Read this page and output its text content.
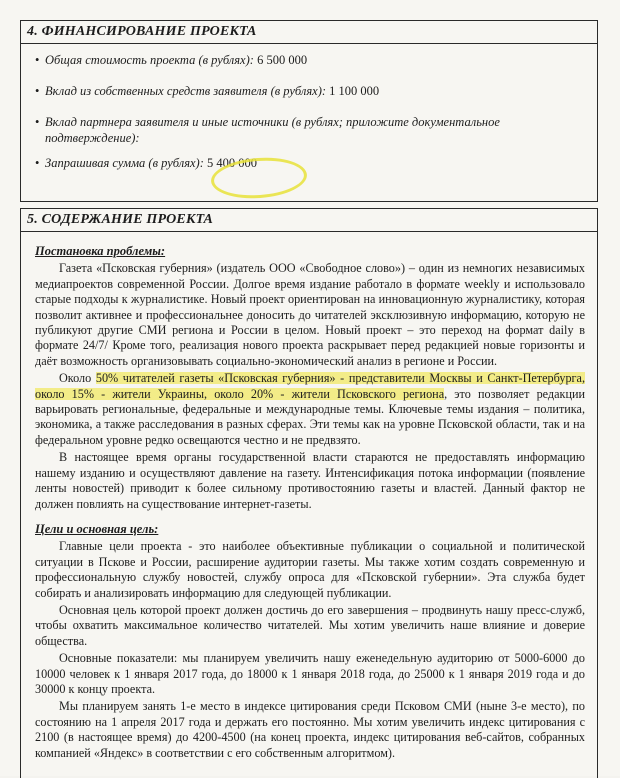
4. ФИНАНСИРОВАНИЕ ПРОЕКТА
• Общая стоимость проекта (в рублях): 6 500 000
• Вклад из собственных средств заявителя (в рублях): 1 100 000
• Вклад партнера заявителя и иные источники (в рублях; приложите документальное подтверждение):
• Запрашивая сумма (в рублях): 5 400 000
5. СОДЕРЖАНИЕ ПРОЕКТА
Постановка проблемы:

Газета «Псковская губерния» (издатель ООО «Свободное слово») – один из немногих независимых медиапроектов современной России. Долгое время издание работало в формате weekly и использовало старые подходы к журналистике. Новый проект ориентирован на инновационную журналистику, которая позволит активнее и профессиональнее доносить до читателей эксклюзивную информацию, которую не публикуют другие СМИ региона и России в целом. Новый проект – это переход на формат daily в формате 24/7/ Кроме того, реализация нового проекта раскрывает перед редакцией новые горизонты и даёт возможность организовывать социально-экономический анализ в регионе и России.

Около 50% читателей газеты «Псковская губерния» - представители Москвы и Санкт-Петербурга, около 15% - жители Украины, около 20% - жители Псковского региона, это позволяет редакции варьировать региональные, федеральные и международные темы. Ключевые темы издания – политика, экономика, а также расследования в разных сферах. Эти темы как на уровне Псковской области, так и на федеральном уровне редко освещаются честно и не предвзято.

В настоящее время органы государственной власти стараются не предоставлять информацию нашему изданию и осуществляют давление на газету. Интенсификация потока информации (появление ленты новостей) приводит к более сильному противостоянию газеты и властей. Данный фактор не должен повлиять на существование интернет-газеты.

Цели и основная цель:

Главные цели проекта - это наиболее объективные публикации о социальной и политической ситуации в Пскове и России, расширение аудитории газеты. Мы также хотим создать современную и профессиональную службу новостей, службу опроса для «Псковской губернии». Эта служба будет собирать и анализировать информацию для следующей публикации.

Основная цель которой проект должен достичь до его завершения – продвинуть нашу пресс-служб, чтобы охватить максимальное количество читателей. Мы хотим увеличить наше влияние и доверие общества.

Основные показатели: мы планируем увеличить нашу еженедельную аудиторию от 5000-6000 до 10000 человек к 1 января 2017 года, до 18000 к 1 января 2018 года, до 25000 к 1 января 2019 года и до 30000 к концу проекта.

Мы планируем занять 1-е место в индексе цитирования среди Псковом СМИ (ныне 3-е место), по состоянию на 1 апреля 2017 года и держать его постоянно. Мы хотим увеличить индекс цитирования с 2100 (в настоящее время) до 4200-4500 (на конец проекта, индекс цитирования веб-сайтов, собранных компанией «Яндекс» в соответствии с его собственным алгоритмом).
